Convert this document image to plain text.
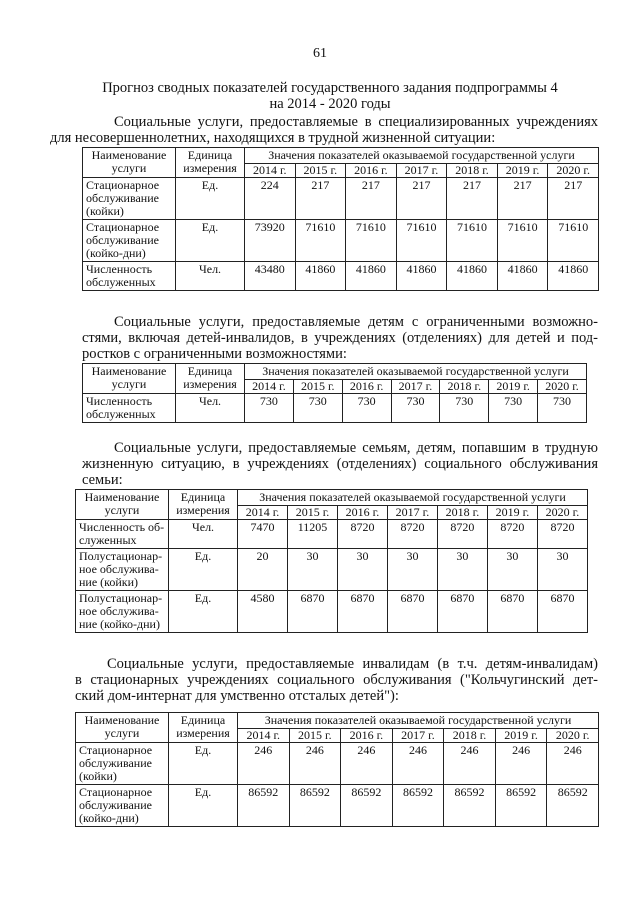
61
Прогноз сводных показателей государственного задания подпрограммы 4
на 2014 - 2020 годы
Социальные услуги, предоставляемые в специализированных учреждениях
для несовершеннолетних, находящихся в трудной жизненной ситуации:
Наименование услуги	Единица измерения	Значения показателей оказываемой государственной услуги						
		2014 г.	2015 г.	2016 г.	2017 г.	2018 г.	2019 г.	2020 г.
Стационарное обслуживание (койки)	Ед.	224	217	217	217	217	217	217
Стационарное обслуживание (койко-дни)	Ед.	73920	71610	71610	71610	71610	71610	71610
Численность обслуженных	Чел.	43480	41860	41860	41860	41860	41860	41860
Социальные услуги, предоставляемые детям с ограниченными возможно-
стями, включая детей-инвалидов, в учреждениях (отделениях) для детей и под-
ростков с ограниченными возможностями:
Наименование услуги	Единица измерения	Значения показателей оказываемой государственной услуги						
		2014 г.	2015 г.	2016 г.	2017 г.	2018 г.	2019 г.	2020 г.
Численность обслуженных	Чел.	730	730	730	730	730	730	730
Социальные услуги, предоставляемые семьям, детям, попавшим в трудную
жизненную ситуацию, в учреждениях (отделениях) социального обслуживания
семьи:
Наименование услуги	Единица измерения	Значения показателей оказываемой государственной услуги						
		2014 г.	2015 г.	2016 г.	2017 г.	2018 г.	2019 г.	2020 г.
Численность об-служенных	Чел.	7470	11205	8720	8720	8720	8720	8720
Полустационар-ное обслужива-ние (койки)	Ед.	20	30	30	30	30	30	30
Полустационар-ное обслужива-ние (койко-дни)	Ед.	4580	6870	6870	6870	6870	6870	6870
Социальные услуги, предоставляемые инвалидам (в т.ч. детям-инвалидам)
в стационарных учреждениях социального обслуживания ("Кольчугинский дет-
ский дом-интернат для умственно отсталых детей"):
Наименование услуги	Единица измерения	Значения показателей оказываемой государственной услуги						
		2014 г.	2015 г.	2016 г.	2017 г.	2018 г.	2019 г.	2020 г.
Стационарное обслуживание (койки)	Ед.	246	246	246	246	246	246	246
Стационарное обслуживание (койко-дни)	Ед.	86592	86592	86592	86592	86592	86592	86592
